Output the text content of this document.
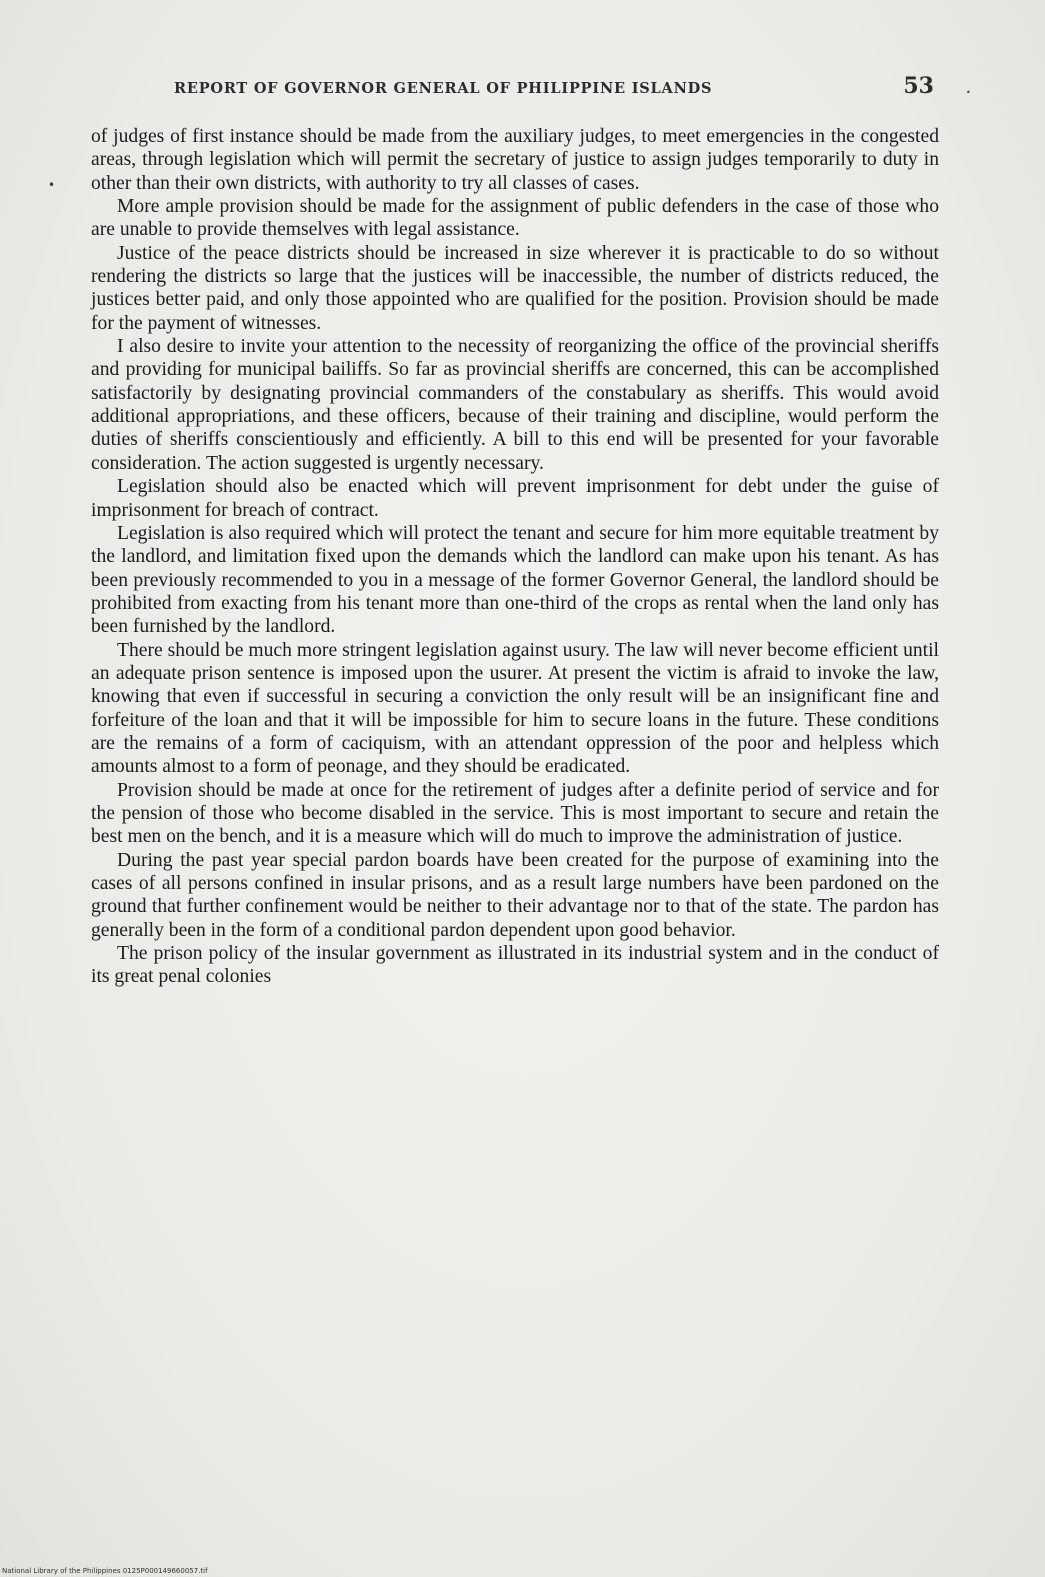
REPORT OF GOVERNOR GENERAL OF PHILIPPINE ISLANDS	53
•
•

of judges of first instance should be made from the auxiliary judges, to meet emergencies in the congested areas, through legislation which will permit the secretary of justice to assign judges temporarily to duty in other than their own districts, with authority to try all classes of cases.

More ample provision should be made for the assignment of public defenders in the case of those who are unable to provide themselves with legal assistance.

Justice of the peace districts should be increased in size wherever it is practicable to do so without rendering the districts so large that the justices will be inaccessible, the number of districts reduced, the justices better paid, and only those appointed who are qualified for the position. Provision should be made for the payment of witnesses.

I also desire to invite your attention to the necessity of reorganizing the office of the provincial sheriffs and providing for municipal bailiffs. So far as provincial sheriffs are concerned, this can be accomplished satisfactorily by designating provincial commanders of the constabulary as sheriffs. This would avoid additional appropriations, and these officers, because of their training and discipline, would perform the duties of sheriffs conscientiously and efficiently. A bill to this end will be presented for your favorable consideration. The action suggested is urgently necessary.

Legislation should also be enacted which will prevent imprisonment for debt under the guise of imprisonment for breach of contract.

Legislation is also required which will protect the tenant and secure for him more equitable treatment by the landlord, and limitation fixed upon the demands which the landlord can make upon his tenant. As has been previously recommended to you in a message of the former Governor General, the landlord should be prohibited from exacting from his tenant more than one-third of the crops as rental when the land only has been furnished by the landlord.

There should be much more stringent legislation against usury. The law will never become efficient until an adequate prison sentence is imposed upon the usurer. At present the victim is afraid to invoke the law, knowing that even if successful in securing a conviction the only result will be an insignificant fine and forfeiture of the loan and that it will be impossible for him to secure loans in the future. These conditions are the remains of a form of caciquism, with an attendant oppression of the poor and helpless which amounts almost to a form of peonage, and they should be eradicated.

Provision should be made at once for the retirement of judges after a definite period of service and for the pension of those who become disabled in the service. This is most important to secure and retain the best men on the bench, and it is a measure which will do much to improve the administration of justice.

During the past year special pardon boards have been created for the purpose of examining into the cases of all persons confined in insular prisons, and as a result large numbers have been pardoned on the ground that further confinement would be neither to their advantage nor to that of the state. The pardon has generally been in the form of a conditional pardon dependent upon good behavior.

The prison policy of the insular government as illustrated in its industrial system and in the conduct of its great penal colonies

National Library of the Philippines 0125P000149660057.tif
